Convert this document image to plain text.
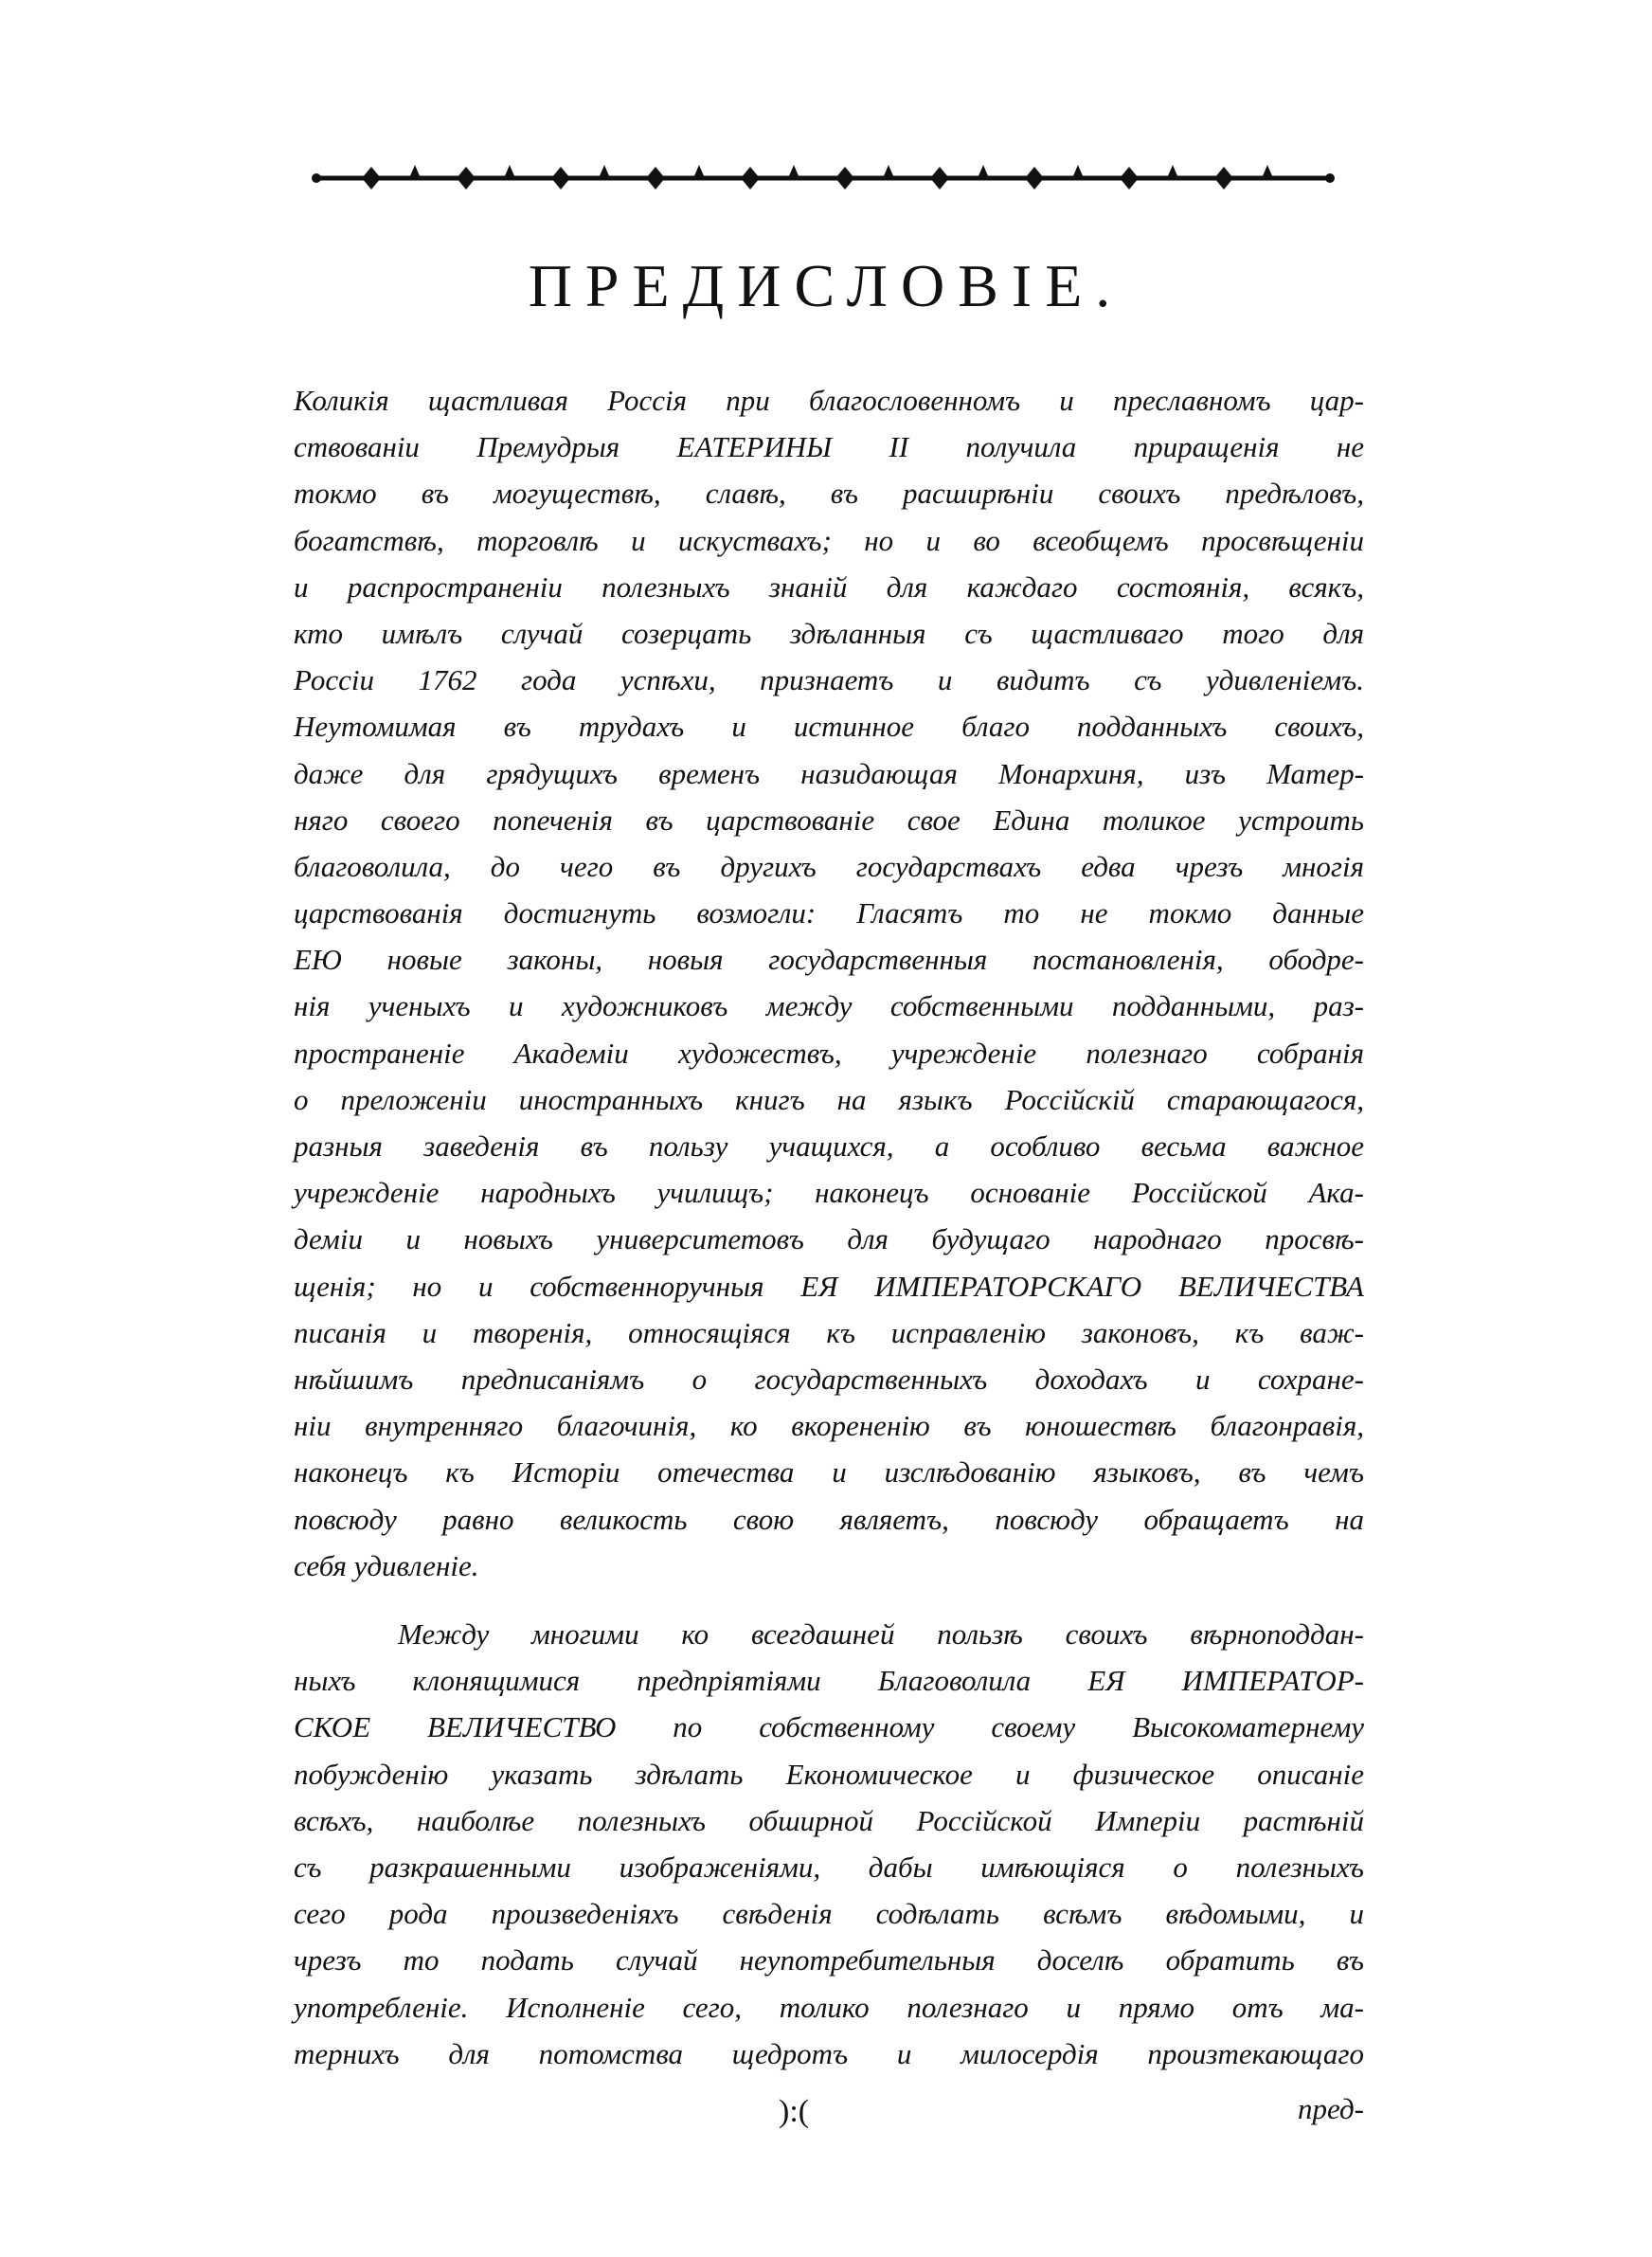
ПРЕДИСЛОВIЕ.
Коликiя щастливая Россiя при благословенномъ и преславномъ цар-
ствованiи Премудрыя ЕАТЕРИНЫ II получила приращенiя не
токмо въ могуществѣ, славѣ, въ расширѣнiи своихъ предѣловъ,
богатствѣ, торговлѣ и искуствахъ; но и во всеобщемъ просвѣщенiи
и распространенiи полезныхъ знанiй для каждаго состоянiя, всякъ,
кто имѣлъ случай созерцать здѣланныя съ щастливаго того для
Россiи 1762 года успѣхи, признаетъ и видитъ съ удивленiемъ.
Неутомимая въ трудахъ и истинное благо подданныхъ своихъ,
даже для грядущихъ временъ назидающая Монархиня, изъ Матер-
няго своего попеченiя въ царствованiе свое Едина толикое устроить
благоволила, до чего въ другихъ государствахъ едва чрезъ многiя
царствованiя достигнуть возмогли: Гласятъ то не токмо данные
ЕЮ новые законы, новыя государственныя постановленiя, ободре-
нiя ученыхъ и художниковъ между собственными подданными, раз-
пространенiе Академiи художествъ, учрежденiе полезнаго собранiя
о преложенiи иностранныхъ книгъ на языкъ Россiйскiй старающагося,
разныя заведенiя въ пользу учащихся, а особливо весьма важное
учрежденiе народныхъ училищъ; наконецъ основанiе Россiйской Ака-
демiи и новыхъ университетовъ для будущаго народнаго просвѣ-
щенiя; но и собственноручныя ЕЯ ИМПЕРАТОРСКАГО ВЕЛИЧЕСТВА
писанiя и творенiя, относящiяся къ исправленiю законовъ, къ важ-
нѣйшимъ предписанiямъ о государственныхъ доходахъ и сохране-
нiи внутренняго благочинiя, ко вкорененiю въ юношествѣ благонравiя,
наконецъ къ Исторiи отечества и изслѣдованiю языковъ, въ чемъ
повсюду равно великость свою являетъ, повсюду обращаетъ на
себя удивленiе.
Между многими ко всегдашней пользѣ своихъ вѣрноподдан-
ныхъ клонящимися предпрiятiями Благоволила ЕЯ ИМПЕРАТОР-
СКОЕ ВЕЛИЧЕСТВО по собственному своему Высокоматернему
побужденiю указать здѣлать Економическое и физическое описанiе
всѣхъ, наиболѣе полезныхъ обширной Россiйской Имперiи растѣнiй
съ разкрашенными изображенiями, дабы имѣющiяся о полезныхъ
сего рода произведенiяхъ свѣденiя содѣлать всѣмъ вѣдомыми, и
чрезъ то подать случай неупотребительныя доселѣ обратить въ
употребленiе. Исполненiе сего, толико полезнаго и прямо отъ ма-
тернихъ для потомства щедротъ и милосердiя произтекающаго

):(	пред-
